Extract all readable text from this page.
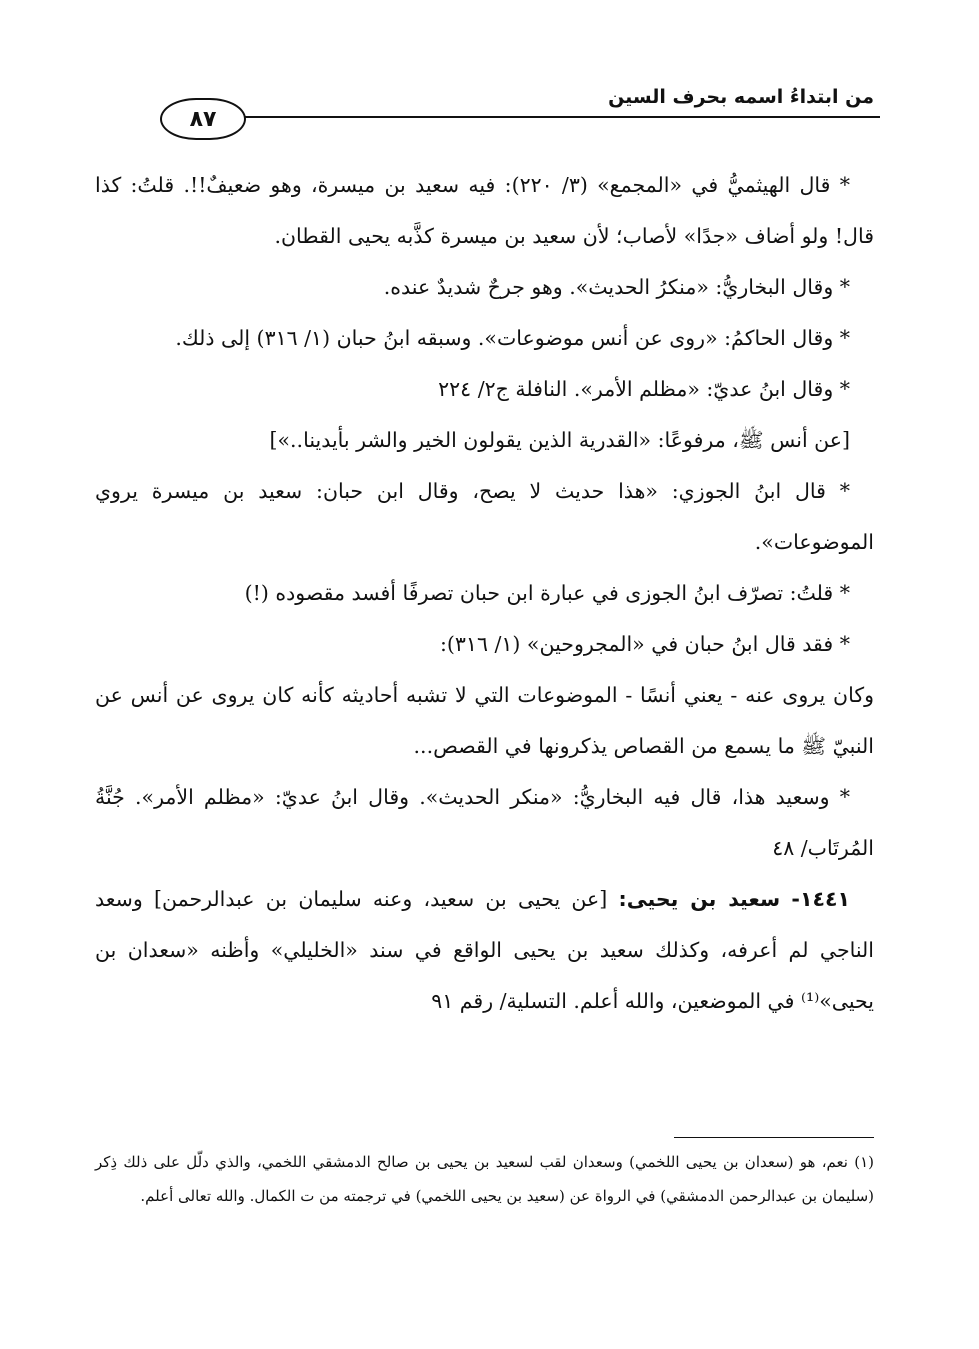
من ابتداءُ اسمه بحرف السين
٨٧

* قال الهيثميُّ في «المجمع» (٣/ ٢٢٠): فيه سعيد بن ميسرة، وهو ضعيفٌ!!. قلتُ: كذا قال! ولو أضاف «جدًا» لأصاب؛ لأن سعيد بن ميسرة كذَّبه يحيى القطان.

* وقال البخاريُّ: «منكرُ الحديث». وهو جرحٌ شديدٌ عنده.

* وقال الحاكمُ: «روى عن أنس موضوعات». وسبقه ابنُ حبان (١/ ٣١٦) إلى ذلك.

* وقال ابنُ عديّ: «مظلم الأمر». النافلة ج٢/ ٢٢٤

[عن أنس ﷺ، مرفوعًا: «القدرية الذين يقولون الخير والشر بأيدينا..»]

* قال ابنُ الجوزي: «هذا حديث لا يصح، وقال ابن حبان: سعيد بن ميسرة يروي الموضوعات».

* قلتُ: تصرّف ابنُ الجوزى في عبارة ابن حبان تصرفًا أفسد مقصوده (!)

* فقد قال ابنُ حبان في «المجروحين» (١/ ٣١٦):

وكان يروى عنه - يعني أنسًا - الموضوعات التي لا تشبه أحاديثه كأنه كان يروى عن أنس عن النبيّ ﷺ ما يسمع من القصاص يذكرونها في القصص...

* وسعيد هذا، قال فيه البخاريُّ: «منكر الحديث». وقال ابنُ عديّ: «مظلم الأمر». جُنَّةُ المُرتَاب/ ٤٨

١٤٤١- سعيد بن يحيى: [عن يحيى بن سعيد، وعنه سليمان بن عبدالرحمن] وسعد الناجي لم أعرفه، وكذلك سعيد بن يحيى الواقع في سند «الخليلي» وأظنه «سعدان بن يحيى»⁽¹⁾ في الموضعين، والله أعلم. التسلية/ رقم ٩١

(١) نعم، هو (سعدان بن يحيى اللخمي) وسعدان لقب لسعيد بن يحيى بن صالح الدمشقي اللخمي، والذي دلّل على ذلك ذِكر (سليمان بن عبدالرحمن الدمشقي) في الرواة عن (سعيد بن يحيى اللخمي) في ترجمته من ت الكمال. والله تعالى أعلم.
